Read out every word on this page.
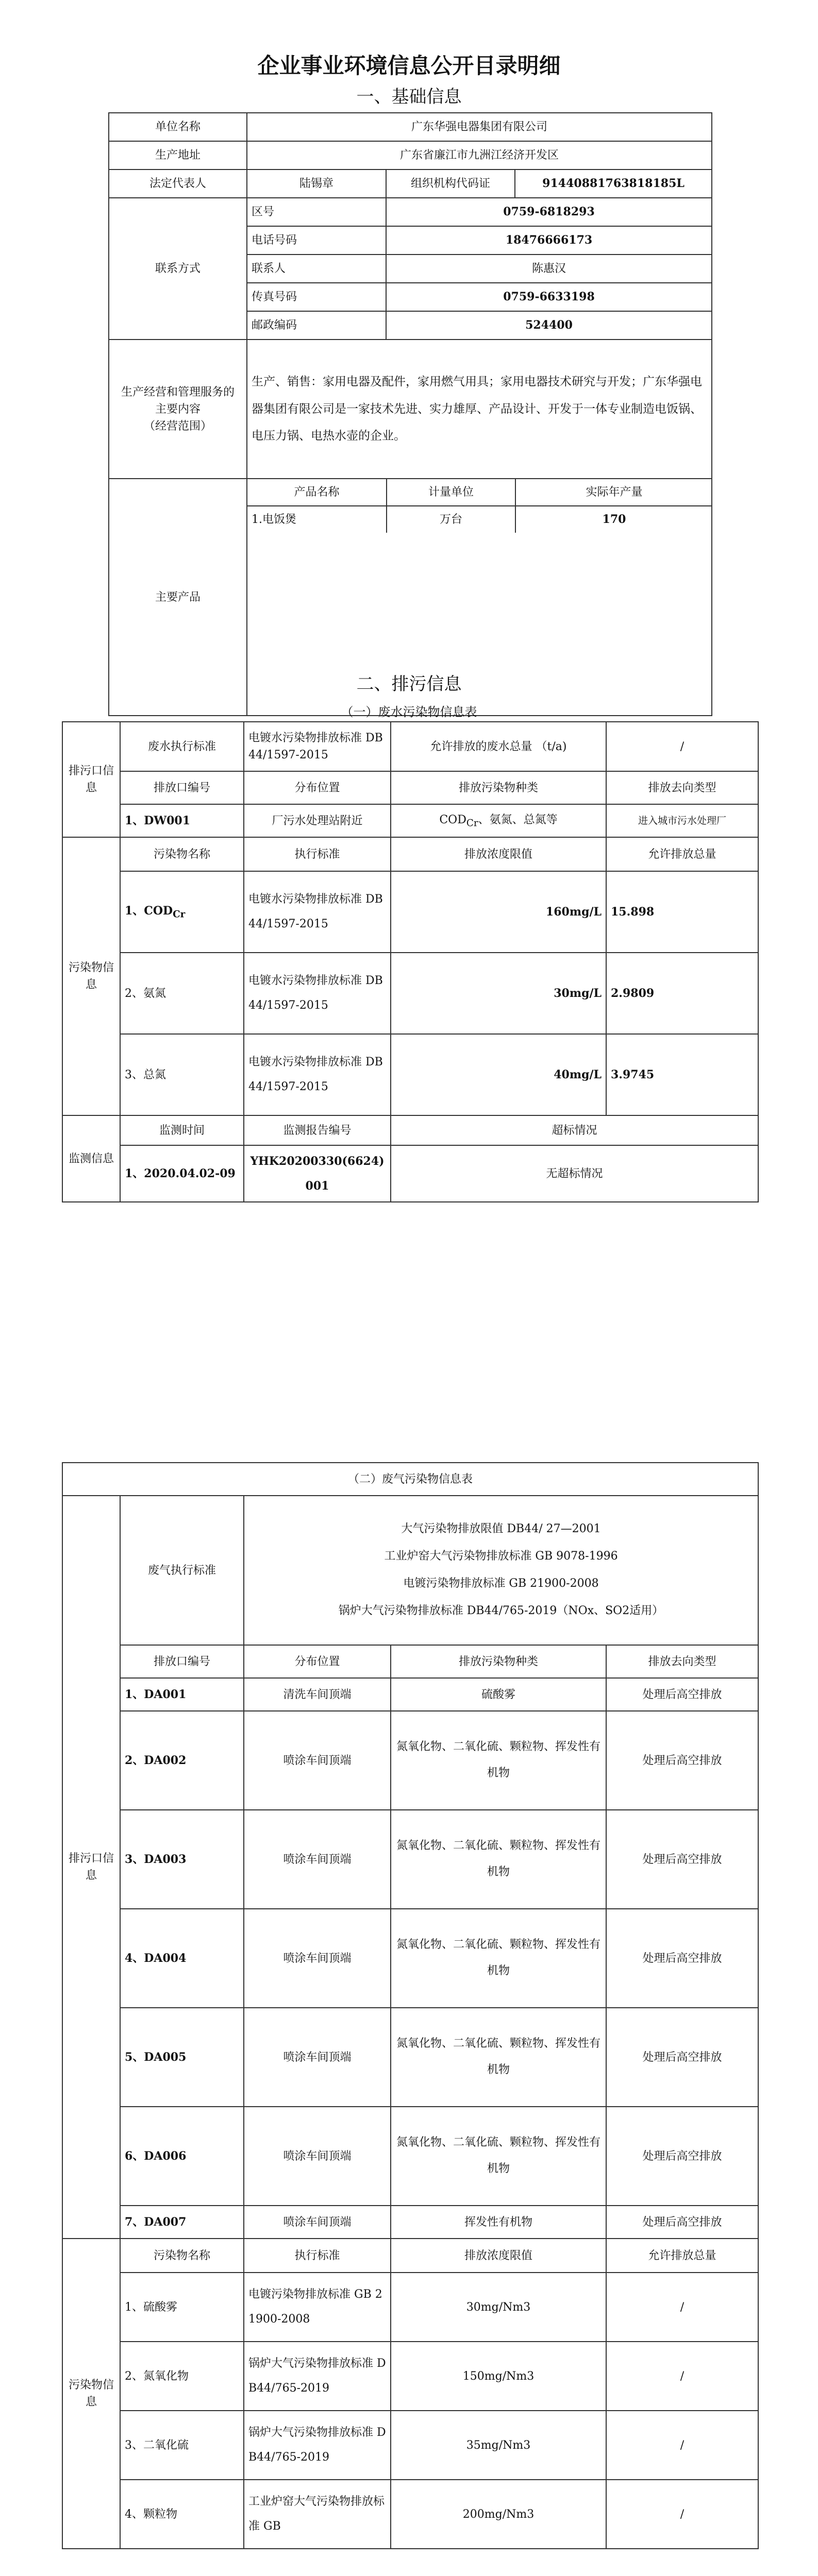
企业事业环境信息公开目录明细
一、基础信息
单位名称	广东华强电器集团有限公司
生产地址	广东省廉江市九洲江经济开发区
法定代表人	陆锡章	组织机构代码证	91440881763818185L
联系方式	区号	0759-6818293
电话号码	18476666173
联系人	陈惠汉
传真号码	0759-6633198
邮政编码	524400

生产经营和管理服务的
主要内容
（经营范围）
	生产、销售：家用电器及配件，家用燃气用具；家用电器技术研究与开发；广东华强电器集团有限公司是一家技术先进、实力雄厚、产品设计、开发于一体专业制造电饭锅、电压力锅、电热水壶的企业。
主要产品	
产品名称	计量单位	实际年产量
1.电饭煲	万台	170
二、排污信息
（一）废水污染物信息表
排污口信息	废水执行标准	电镀水污染物排放标准 DB 44/1597-2015	允许排放的废水总量 （t/a)	/
	排放口编号	分布位置	排放污染物种类	排放去向类型
	1、DW001	厂污水处理站附近	$COD_{Cr}$、氨氮、总氮等	进入城市污水处理厂
污染物信息	污染物名称	执行标准	排放浓度限值	允许排放总量
	1、$COD_{Cr}$	电镀水污染物排放标准 DB 44/1597-2015	160mg/L	15.898
	2、氨氮	电镀水污染物排放标准 DB 44/1597-2015	30mg/L	2.9809
	3、总氮	电镀水污染物排放标准 DB 44/1597-2015	40mg/L	3.9745
监测信息	监测时间	监测报告编号	超标情况	
	1、2020.04.02-09	YHK20200330(6624)001	无超标情况	
（二）废气污染物信息表				
排污口信息	废气执行标准	大气污染物排放限值 DB44/ 27—2001
工业炉窑大气污染物排放标准 GB 9078-1996
电镀污染物排放标准 GB 21900-2008
锅炉大气污染物排放标准 DB44/765-2019（NOx、SO2适用）		

	排放口编号	分布位置	排放污染物种类	排放去向类型
	1、DA001	清洗车间顶端	硫酸雾	处理后高空排放
	2、DA002	喷涂车间顶端	氮氧化物、二氧化硫、颗粒物、挥发性有机物	处理后高空排放
	3、DA003	喷涂车间顶端	氮氧化物、二氧化硫、颗粒物、挥发性有机物	处理后高空排放
	4、DA004	喷涂车间顶端	氮氧化物、二氧化硫、颗粒物、挥发性有机物	处理后高空排放
	5、DA005	喷涂车间顶端	氮氧化物、二氧化硫、颗粒物、挥发性有机物	处理后高空排放
	6、DA006	喷涂车间顶端	氮氧化物、二氧化硫、颗粒物、挥发性有机物	处理后高空排放
	7、DA007	喷涂车间顶端	挥发性有机物	处理后高空排放
污染物信息	污染物名称	执行标准	排放浓度限值	允许排放总量
	1、硫酸雾	电镀污染物排放标准 GB 21900-2008	30mg/Nm3	/
	2、氮氧化物	锅炉大气污染物排放标准 DB44/765-2019	150mg/Nm3	/
	3、二氧化硫	锅炉大气污染物排放标准 DB44/765-2019	35mg/Nm3	/
	4、颗粒物	工业炉窑大气污染物排放标准 GB	200mg/Nm3	/
